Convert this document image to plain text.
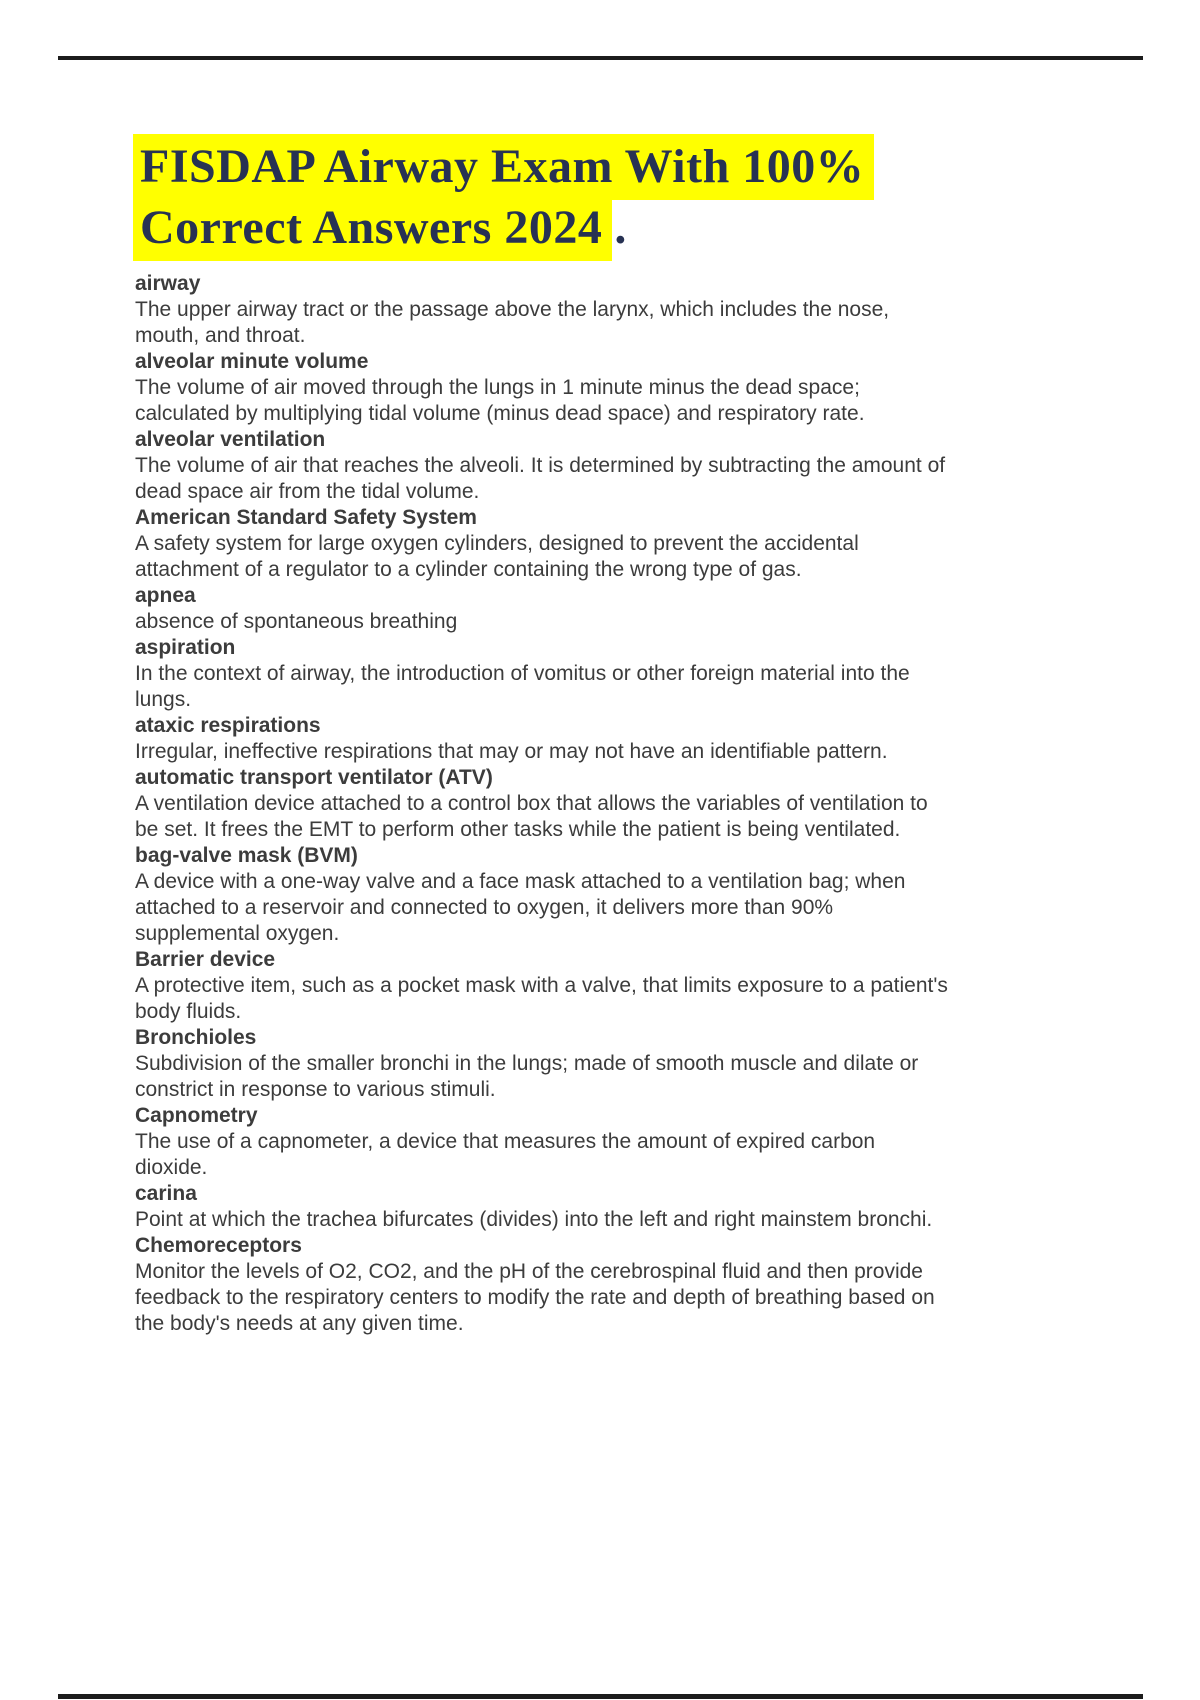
FISDAP Airway Exam With 100%
Correct Answers 2024 .
airway
The upper airway tract or the passage above the larynx, which includes the nose,
mouth, and throat.
alveolar minute volume
The volume of air moved through the lungs in 1 minute minus the dead space;
calculated by multiplying tidal volume (minus dead space) and respiratory rate.
alveolar ventilation
The volume of air that reaches the alveoli. It is determined by subtracting the amount of
dead space air from the tidal volume.
American Standard Safety System
A safety system for large oxygen cylinders, designed to prevent the accidental
attachment of a regulator to a cylinder containing the wrong type of gas.
apnea
absence of spontaneous breathing
aspiration
In the context of airway, the introduction of vomitus or other foreign material into the
lungs.
ataxic respirations
Irregular, ineffective respirations that may or may not have an identifiable pattern.
automatic transport ventilator (ATV)
A ventilation device attached to a control box that allows the variables of ventilation to
be set. It frees the EMT to perform other tasks while the patient is being ventilated.
bag-valve mask (BVM)
A device with a one-way valve and a face mask attached to a ventilation bag; when
attached to a reservoir and connected to oxygen, it delivers more than 90%
supplemental oxygen.
Barrier device
A protective item, such as a pocket mask with a valve, that limits exposure to a patient's
body fluids.
Bronchioles
Subdivision of the smaller bronchi in the lungs; made of smooth muscle and dilate or
constrict in response to various stimuli.
Capnometry
The use of a capnometer, a device that measures the amount of expired carbon
dioxide.
carina
Point at which the trachea bifurcates (divides) into the left and right mainstem bronchi.
Chemoreceptors
Monitor the levels of O2, CO2, and the pH of the cerebrospinal fluid and then provide
feedback to the respiratory centers to modify the rate and depth of breathing based on
the body's needs at any given time.
